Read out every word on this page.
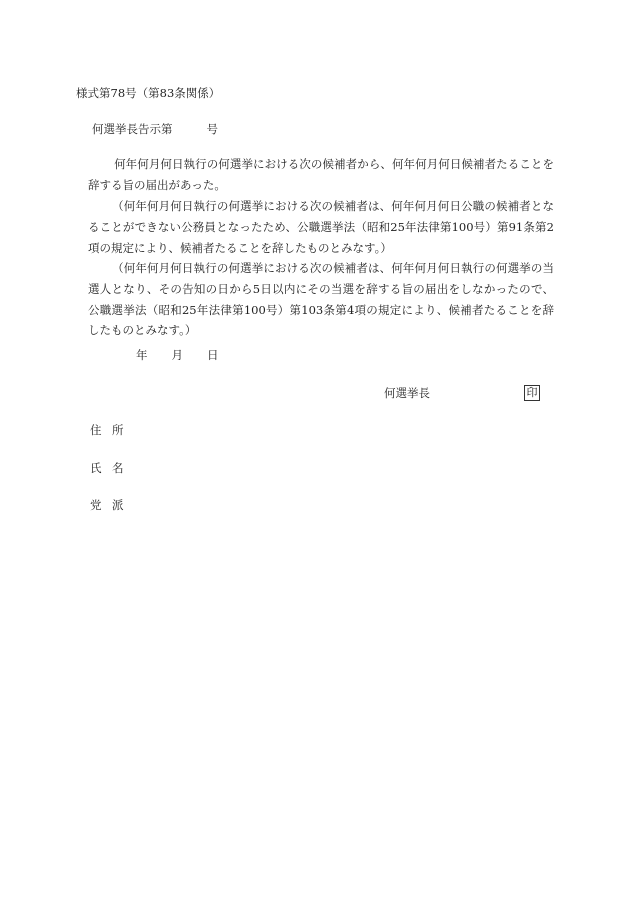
様式第78号（第83条関係）
何選挙長告示第	号
何年何月何日執行の何選挙における次の候補者から、何年何月何日候補者たることを辞する旨の届出があった。
（何年何月何日執行の何選挙における次の候補者は、何年何月何日公職の候補者となることができない公務員となったため、公職選挙法（昭和25年法律第100号）第91条第2項の規定により、候補者たることを辞したものとみなす。）
（何年何月何日執行の何選挙における次の候補者は、何年何月何日執行の何選挙の当選人となり、その告知の日から5日以内にその当選を辞する旨の届出をしなかったので、公職選挙法（昭和25年法律第100号）第103条第4項の規定により、候補者たることを辞したものとみなす。）
年 月 日
何選挙長	印
住 所
氏 名
党 派
